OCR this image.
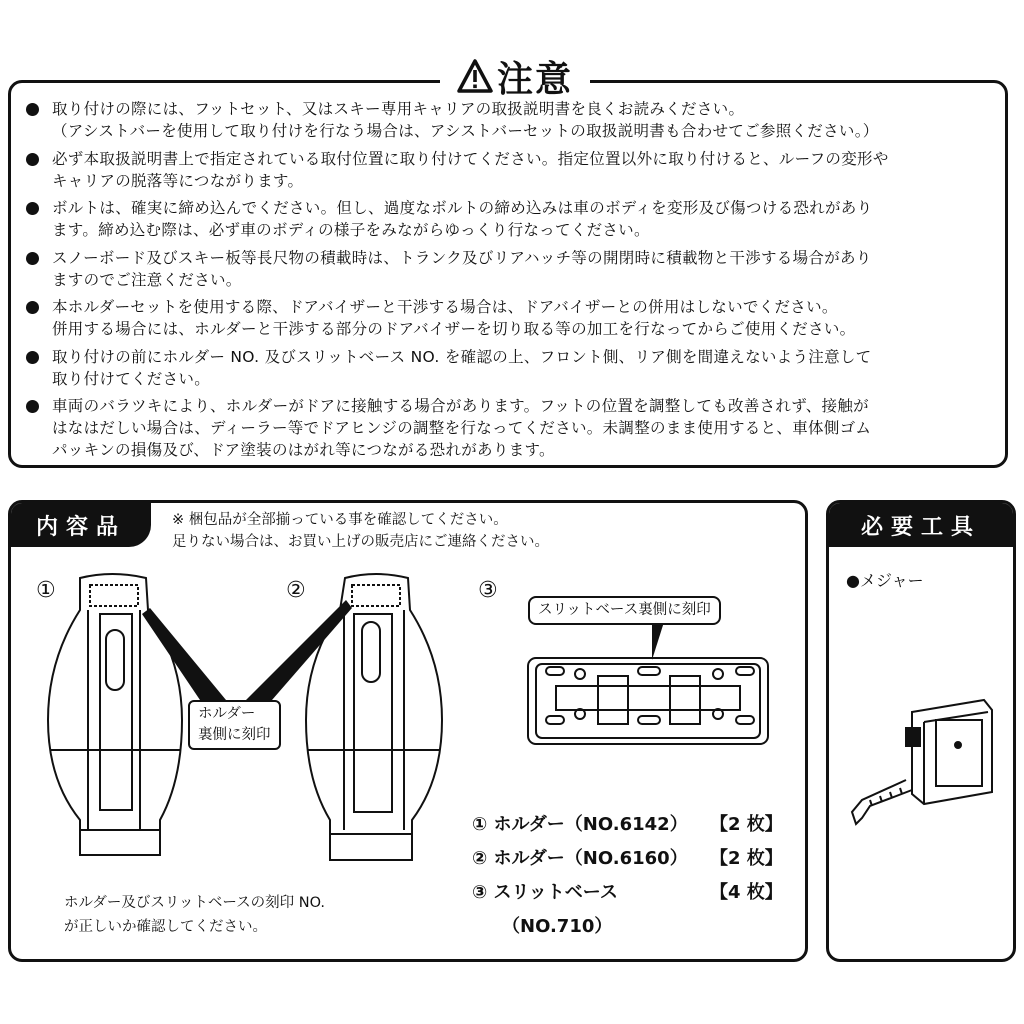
注意
取り付けの際には、フットセット、又はスキー専用キャリアの取扱説明書を良くお読みください。
（アシストバーを使用して取り付けを行なう場合は、アシストバーセットの取扱説明書も合わせてご参照ください。）
必ず本取扱説明書上で指定されている取付位置に取り付けてください。指定位置以外に取り付けると、ルーフの変形や
キャリアの脱落等につながります。
ボルトは、確実に締め込んでください。但し、過度なボルトの締め込みは車のボディを変形及び傷つける恐れがあり
ます。締め込む際は、必ず車のボディの様子をみながらゆっくり行なってください。
スノーボード及びスキー板等長尺物の積載時は、トランク及びリアハッチ等の開閉時に積載物と干渉する場合があり
ますのでご注意ください。
本ホルダーセットを使用する際、ドアバイザーと干渉する場合は、ドアバイザーとの併用はしないでください。
併用する場合には、ホルダーと干渉する部分のドアバイザーを切り取る等の加工を行なってからご使用ください。
取り付けの前にホルダー NO. 及びスリットベース NO. を確認の上、フロント側、リア側を間違えないよう注意して
取り付けてください。
車両のバラツキにより、ホルダーがドアに接触する場合があります。フットの位置を調整しても改善されず、接触が
はなはだしい場合は、ディーラー等でドアヒンジの調整を行なってください。未調整のまま使用すると、車体側ゴム
パッキンの損傷及び、ドア塗装のはがれ等につながる恐れがあります。
内容品	※ 梱包品が全部揃っている事を確認してください。
足りない場合は、お買い上げの販売店にご連絡ください。
必要工具
●メジャー
①	②	③
ホルダー
裏側に刻印
スリットベース裏側に刻印
① ホルダー（NO.6142）	【2 枚】
② ホルダー（NO.6160）	【2 枚】
③ スリットベース	【4 枚】
（NO.710）
ホルダー及びスリットベースの刻印 NO.
が正しいか確認してください。
